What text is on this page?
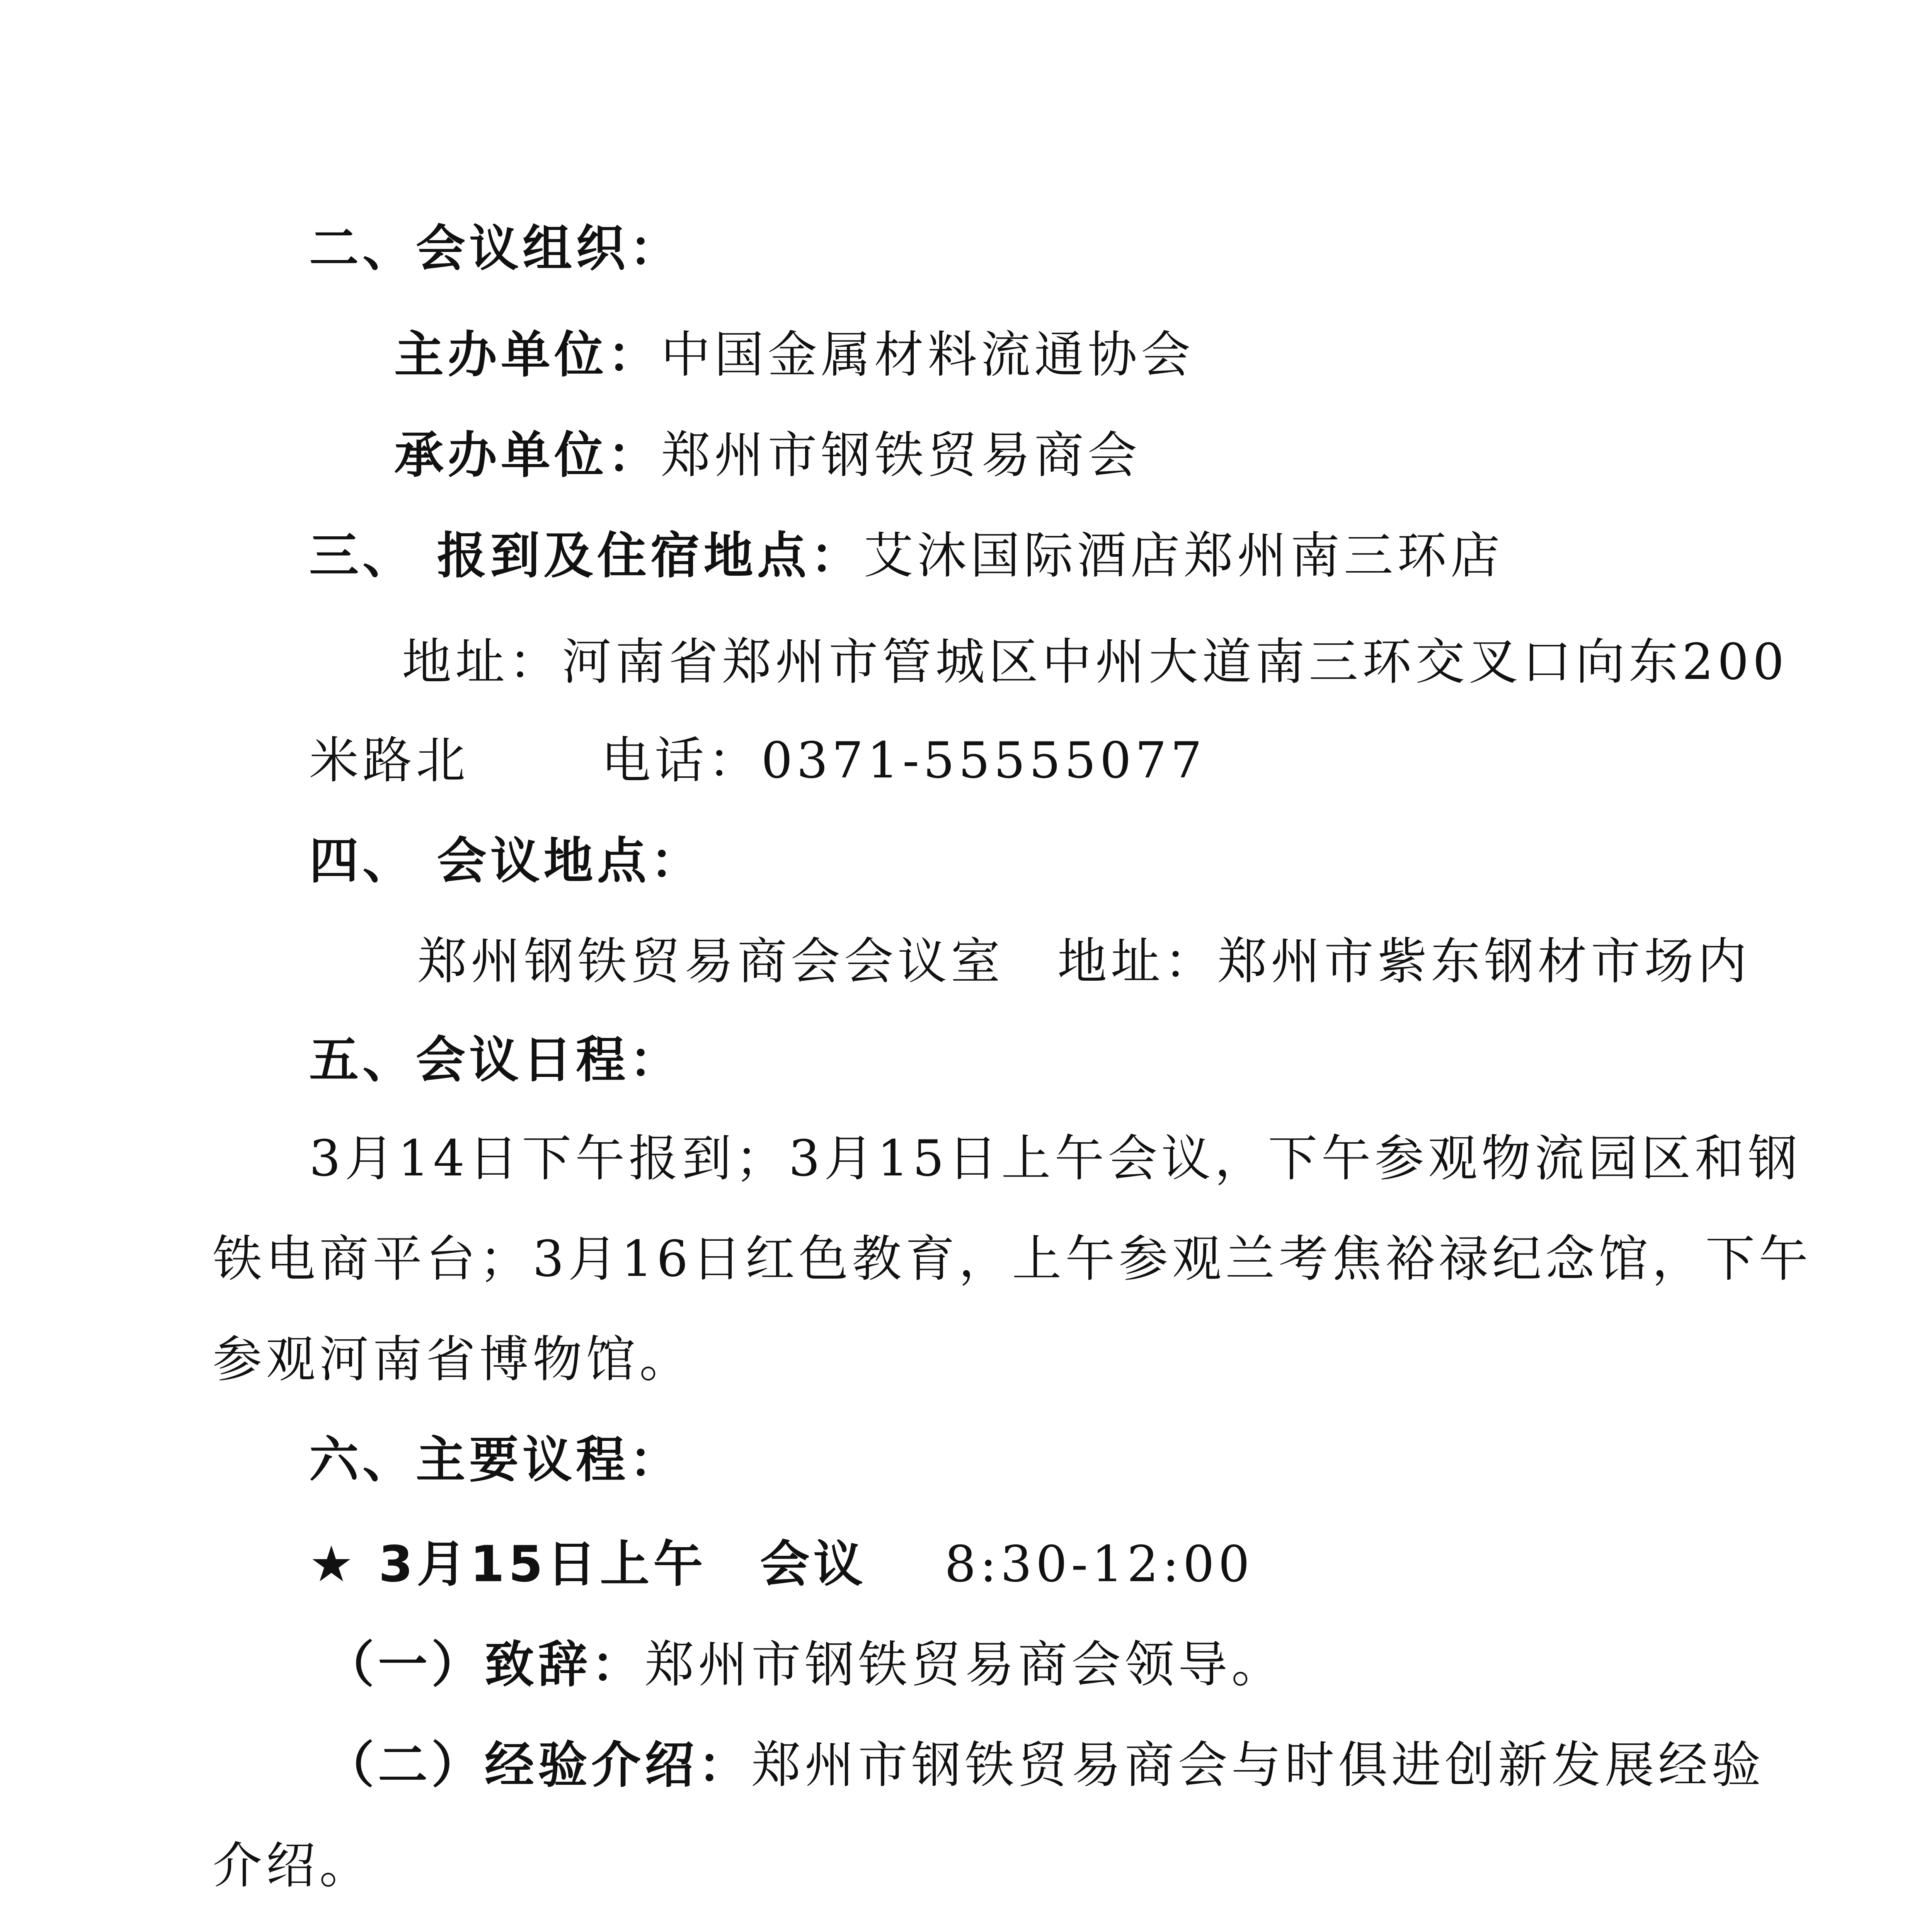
二、会议组织：
主办单位：中国金属材料流通协会
承办单位：郑州市钢铁贸易商会
三、 报到及住宿地点：艾沐国际酒店郑州南三环店
地址：河南省郑州市管城区中州大道南三环交叉口向东200
米路北	电话：0371-55555077
四、 会议地点：
郑州钢铁贸易商会会议室　地址：郑州市紫东钢材市场内
五、会议日程：
3月14日下午报到；3月15日上午会议，下午参观物流园区和钢
铁电商平台；3月16日红色教育，上午参观兰考焦裕禄纪念馆，下午
参观河南省博物馆。
六、主要议程：
★ 3月15日上午　会议 8:30-12:00
（一）致辞：郑州市钢铁贸易商会领导。
（二）经验介绍：郑州市钢铁贸易商会与时俱进创新发展经验
介绍。
